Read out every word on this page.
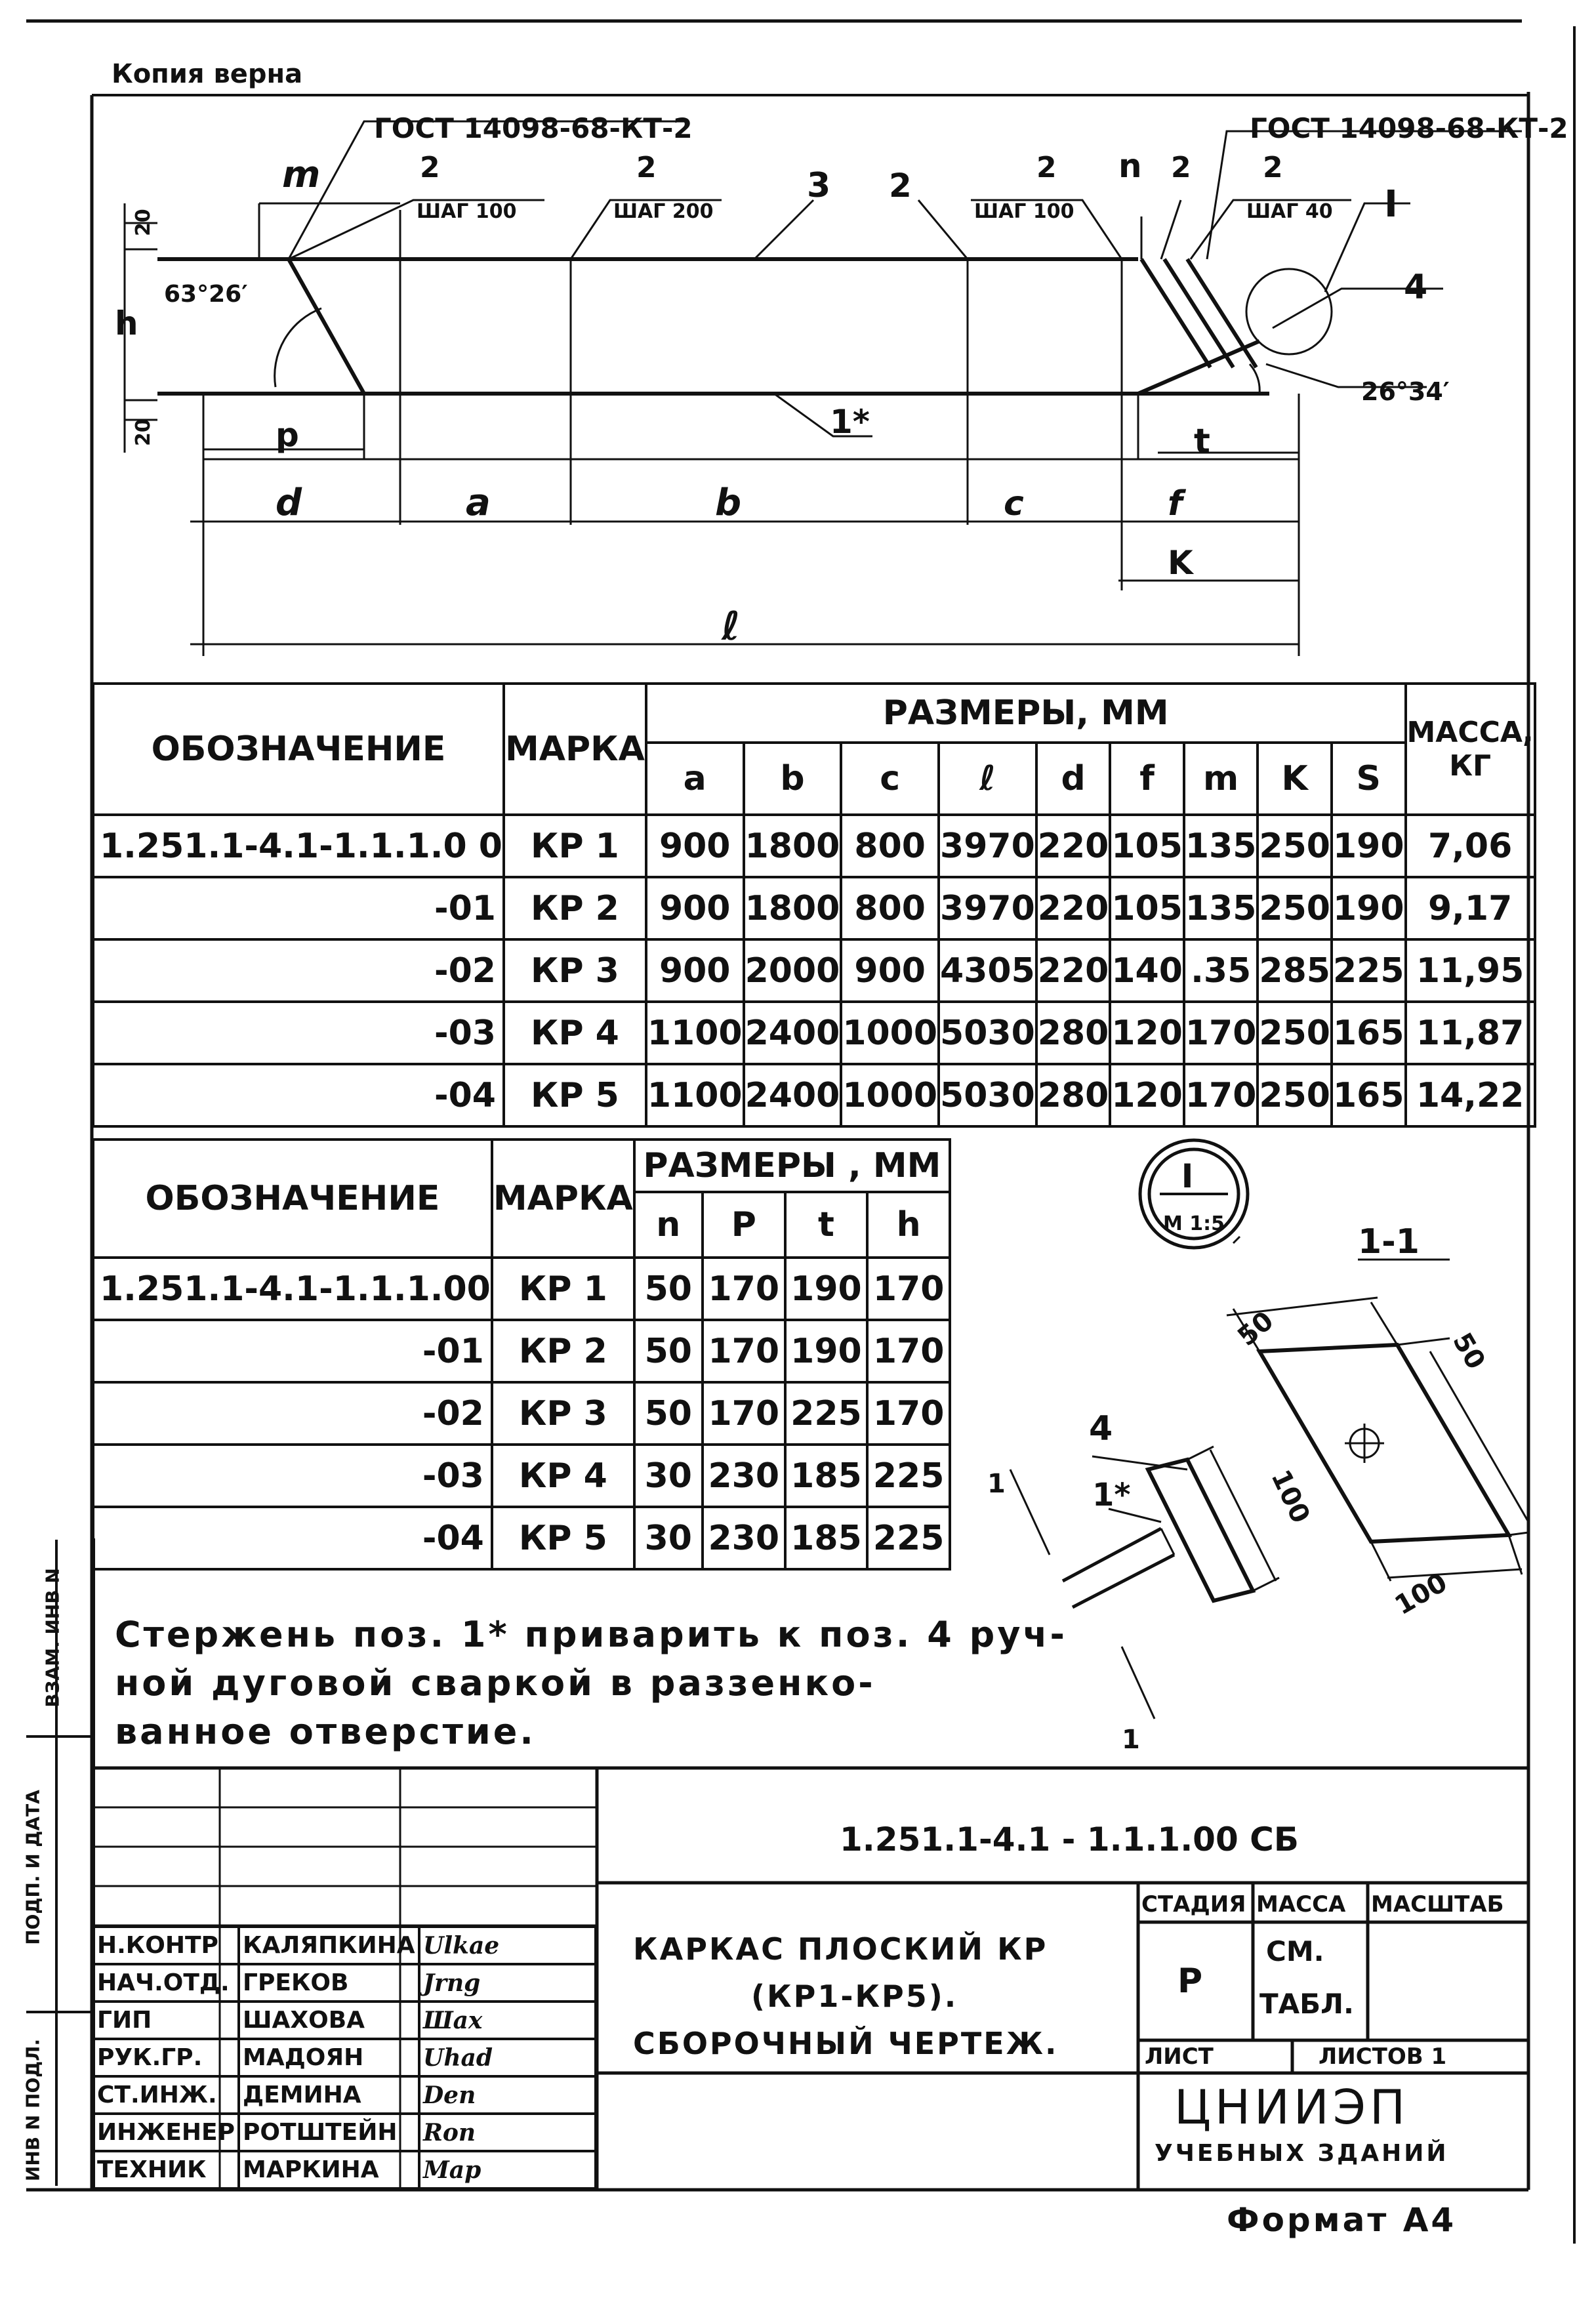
Копия верна
m	n
h
p	t
d	a	b	c	f
K
ℓ
1*
I
4
3
2	2	2	2	2 2
ШАГ 100	ШАГ 200	ШАГ 100	ШАГ 40
63°26′
26°34′
20
20
ГОСТ 14098-68-КТ-2	ГОСТ 14098-68-КТ-2
ОБОЗНАЧЕНИЕ	МАРКА	РАЗМЕРЫ, ММ									МАССА, КГ
		a	b	c	ℓ	d	f	m	K	S	
1.251.1-4.1-1.1.1.0 0	КР 1	900	1800	800	3970	220	105	135	250	190	7,06
-01	КР 2	900	1800	800	3970	220	105	135	250	190	9,17
-02	КР 3	900	2000	900	4305	220	140	.35	285	225	11,95
-03	КР 4	1100	2400	1000	5030	280	120	170	250	165	11,87
-04	КР 5	1100	2400	1000	5030	280	120	170	250	165	14,22
ОБОЗНАЧЕНИЕ	МАРКА	РАЗМЕРЫ , ММ			
		n	P	t	h
1.251.1-4.1-1.1.1.00	КР 1	50	170	190	170
-01	КР 2	50	170	190	170
-02	КР 3	50	170	225	170
-03	КР 4	30	230	185	225
-04	КР 5	30	230	185	225
I
М 1:5	1-1
50	50
100
100
4
1*
1
1
Стержень поз. 1* приварить к поз. 4 руч-
ной дуговой сваркой в раззенко-
ванное отверстие.
ВЗАМ. ИНВ N
ПОДП. И ДАТА
ИНВ N ПОДЛ.
Н.КОНТР	КАЛЯПКИНА	Ulkae
НАЧ.ОТД.	ГРЕКОВ	Jrng
ГИП	ШАХОВА	Шах
РУК.ГР.	МАДОЯН	Uhad
СТ.ИНЖ.	ДЕМИНА	Den
ИНЖЕНЕР	РОТШТЕЙН	Ron
ТЕХНИК	МАРКИНА	Map
1.251.1-4.1 - 1.1.1.00 СБ
КАРКАС ПЛОСКИЙ КР
(КР1-КР5).
СБОРОЧНЫЙ ЧЕРТЕЖ.
СТАДИЯ МАССА МАСШТАБ
Р
СМ.
ТАБЛ.
ЛИСТ	ЛИСТОВ 1
ЦНИИЭП
УЧЕБНЫХ ЗДАНИЙ
Формат А4
